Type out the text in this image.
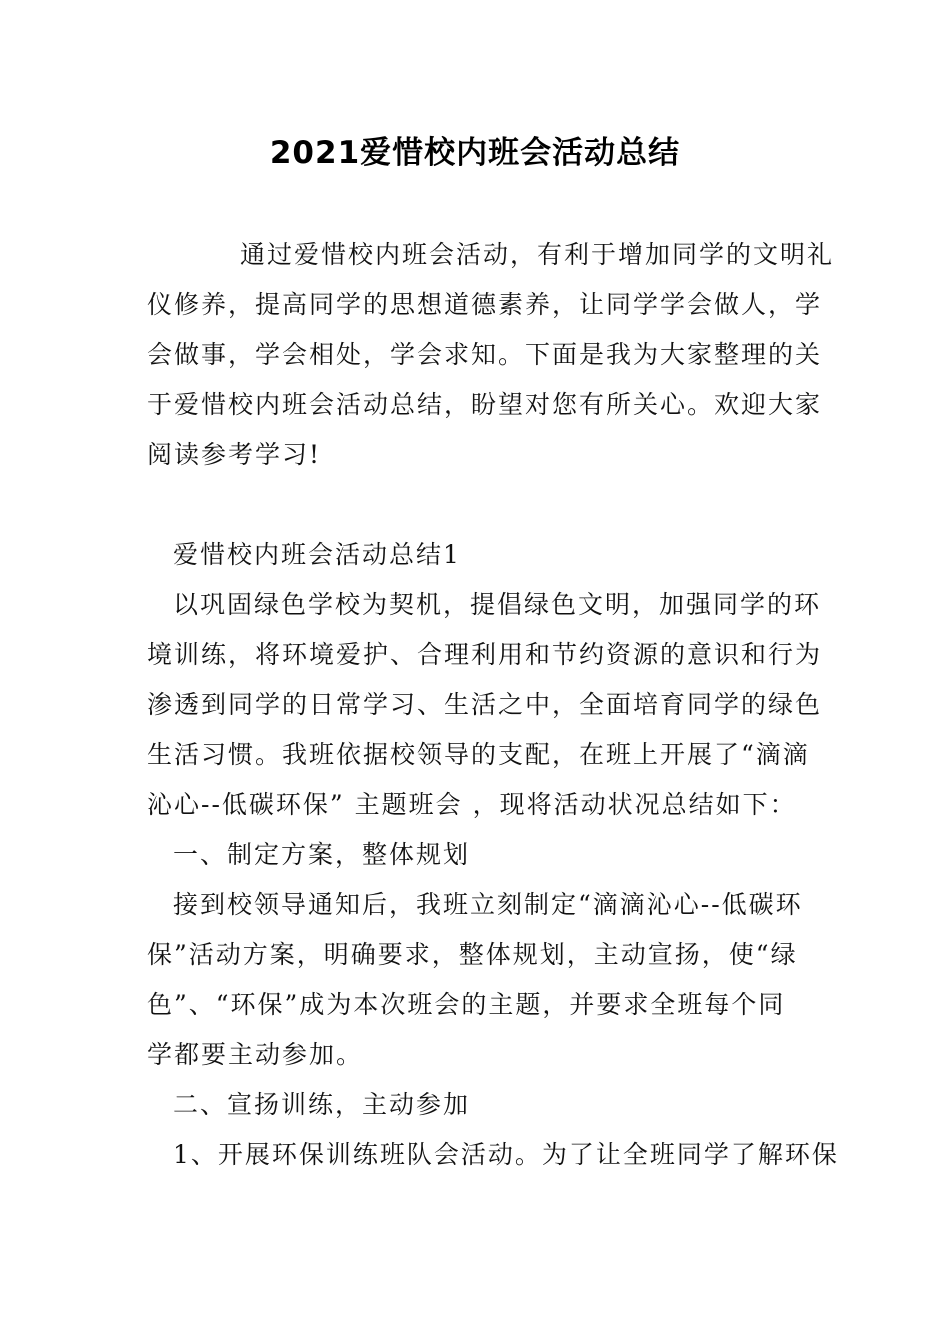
2021爱惜校内班会活动总结
通过爱惜校内班会活动，有利于增加同学的文明礼
仪修养，提高同学的思想道德素养，让同学学会做人，学
会做事，学会相处，学会求知。下面是我为大家整理的关
于爱惜校内班会活动总结，盼望对您有所关心。欢迎大家
阅读参考学习!
爱惜校内班会活动总结1
以巩固绿色学校为契机，提倡绿色文明，加强同学的环
境训练，将环境爱护、合理利用和节约资源的意识和行为
渗透到同学的日常学习、生活之中，全面培育同学的绿色
生活习惯。我班依据校领导的支配，在班上开展了“滴滴
沁心--低碳环保” 主题班会 ，现将活动状况总结如下：
一、制定方案，整体规划
接到校领导通知后，我班立刻制定“滴滴沁心--低碳环
保”活动方案，明确要求，整体规划，主动宣扬，使“绿
色”、“环保”成为本次班会的主题，并要求全班每个同
学都要主动参加。
二、宣扬训练，主动参加
1、开展环保训练班队会活动。为了让全班同学了解环保
